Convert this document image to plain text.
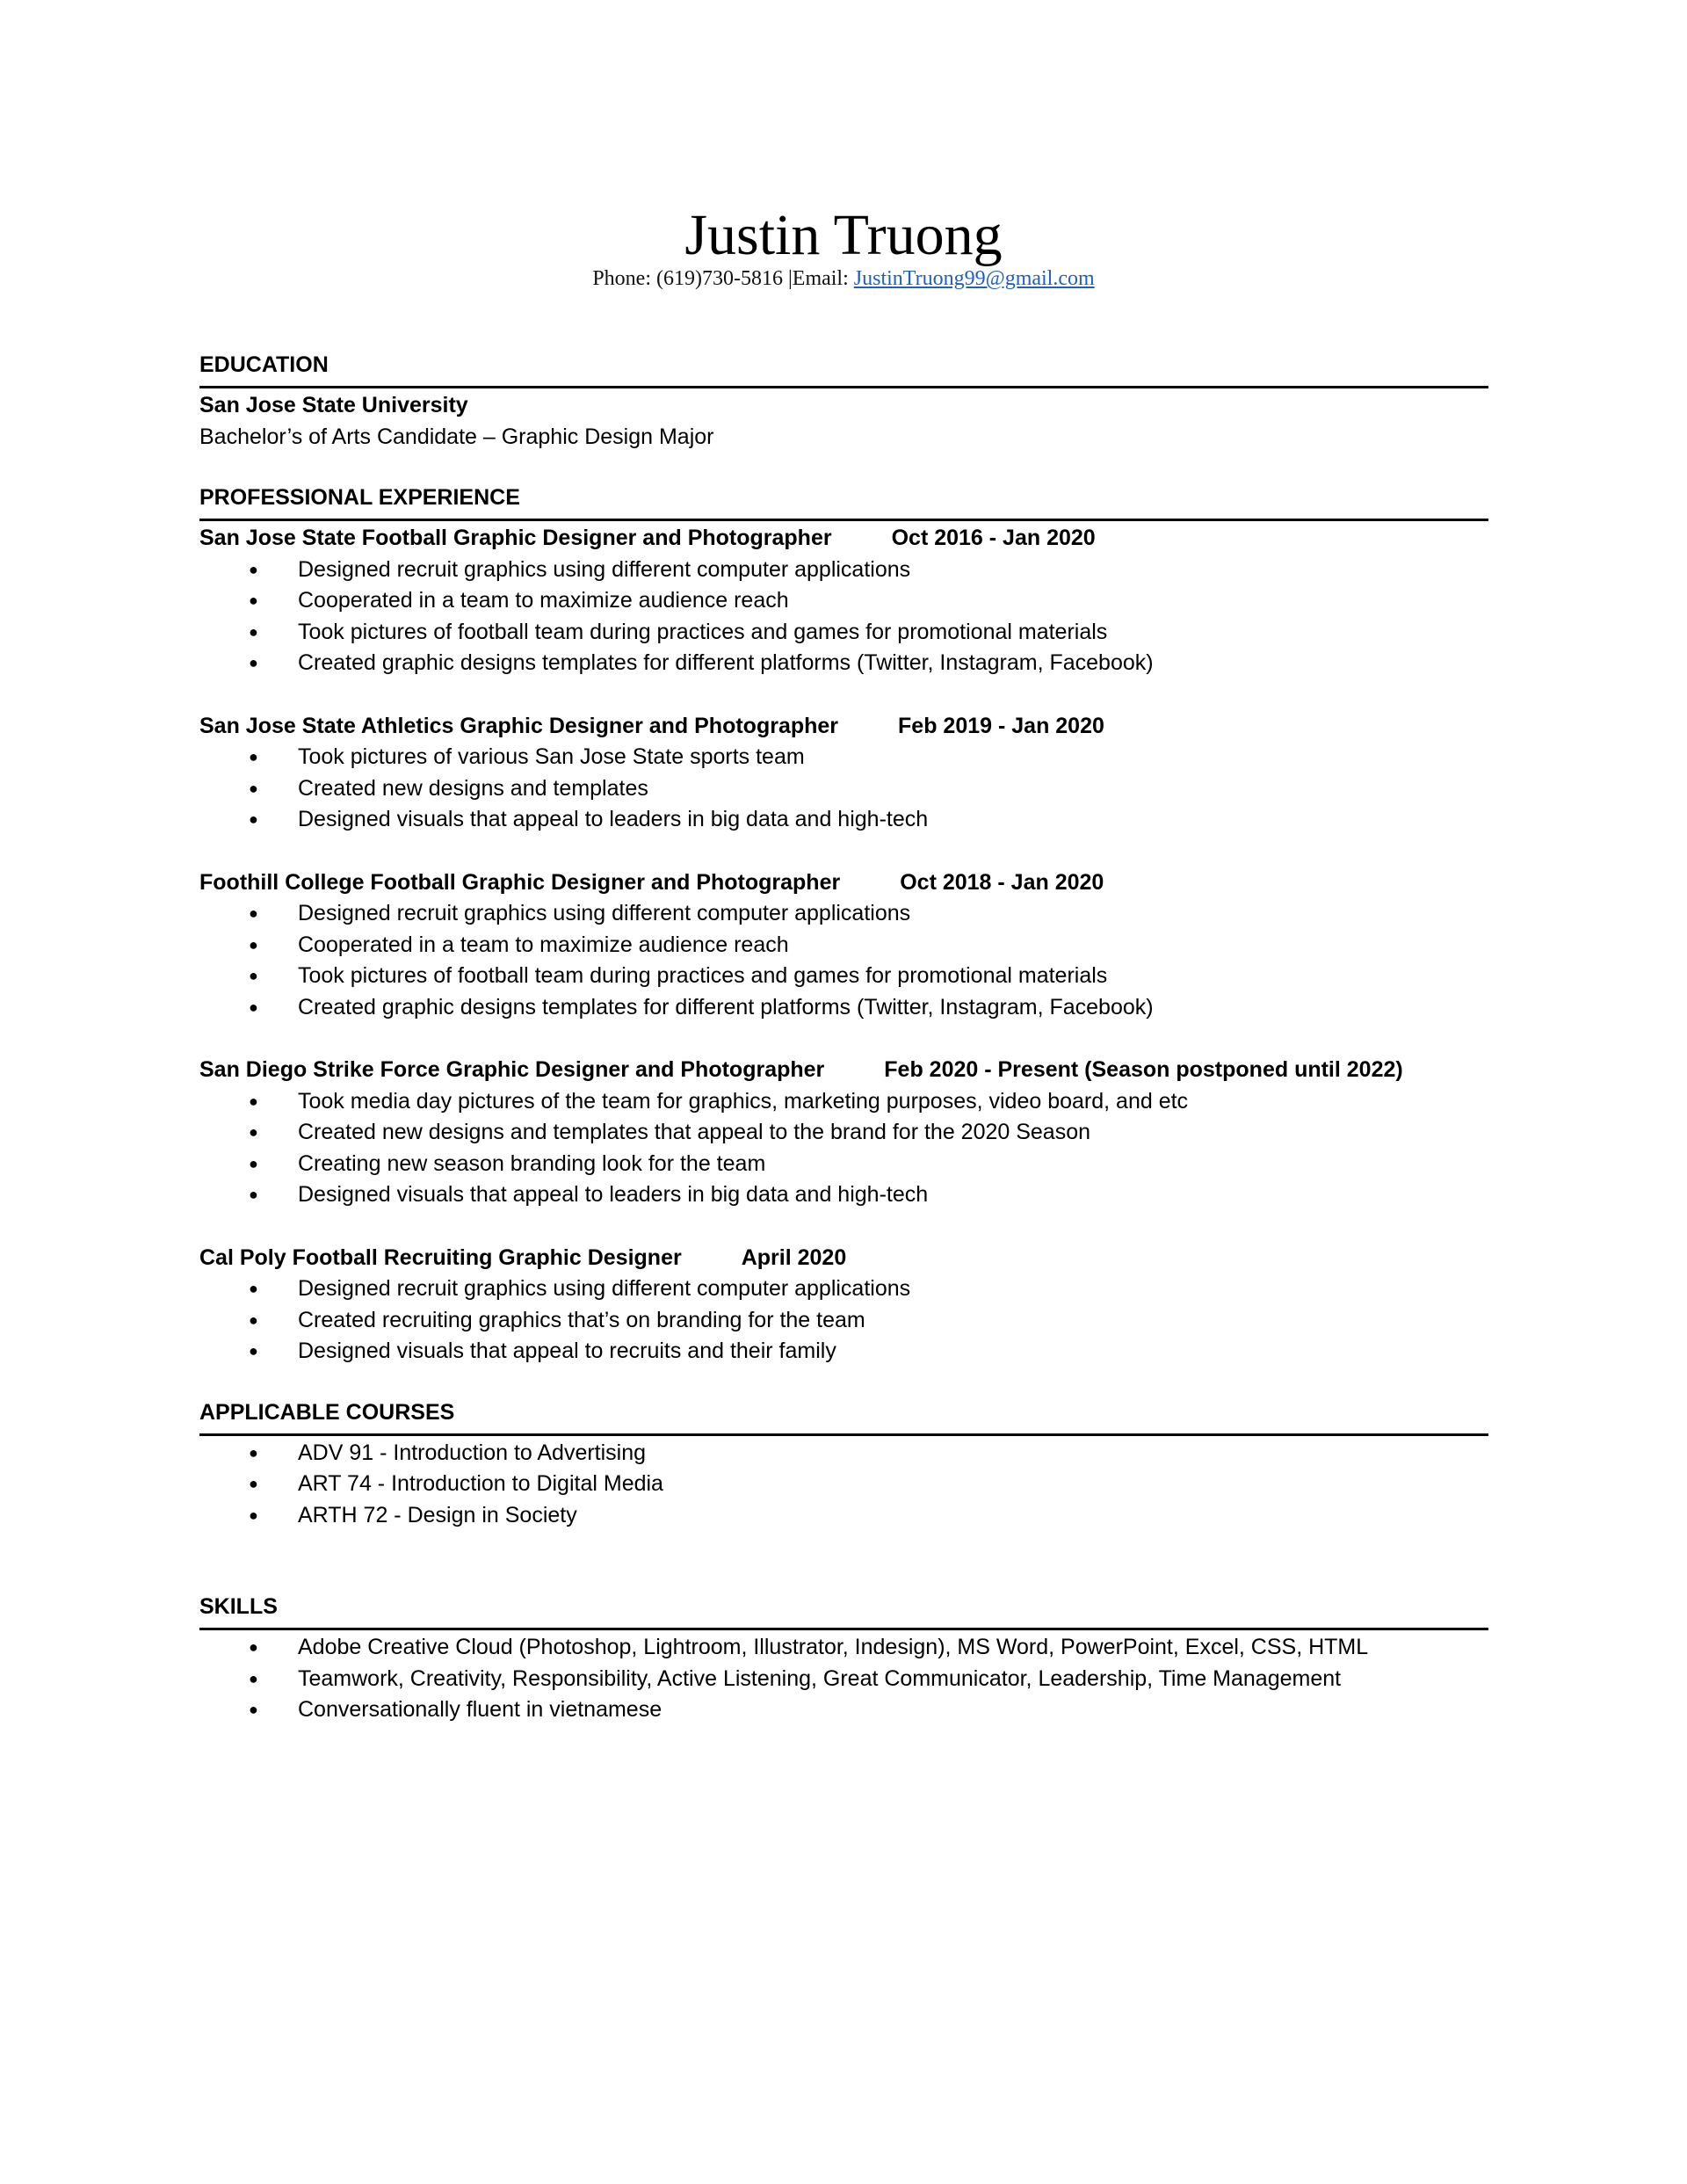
Justin Truong
Phone: (619)730-5816 |Email: JustinTruong99@gmail.com
EDUCATION
San Jose State University
Bachelor’s of Arts Candidate – Graphic Design Major
PROFESSIONAL EXPERIENCE
San Jose State Football Graphic Designer and Photographer	Oct 2016 - Jan 2020
● Designed recruit graphics using different computer applications
● Cooperated in a team to maximize audience reach
● Took pictures of football team during practices and games for promotional materials
● Created graphic designs templates for different platforms (Twitter, Instagram, Facebook)
San Jose State Athletics Graphic Designer and Photographer	Feb 2019 - Jan 2020
● Took pictures of various San Jose State sports team
● Created new designs and templates
● Designed visuals that appeal to leaders in big data and high-tech
Foothill College Football Graphic Designer and Photographer	Oct 2018 - Jan 2020
● Designed recruit graphics using different computer applications
● Cooperated in a team to maximize audience reach
● Took pictures of football team during practices and games for promotional materials
● Created graphic designs templates for different platforms (Twitter, Instagram, Facebook)
San Diego Strike Force Graphic Designer and Photographer	Feb 2020 - Present (Season postponed until 2022)
● Took media day pictures of the team for graphics, marketing purposes, video board, and etc
● Created new designs and templates that appeal to the brand for the 2020 Season
● Creating new season branding look for the team
● Designed visuals that appeal to leaders in big data and high-tech
Cal Poly Football Recruiting Graphic Designer	April 2020
● Designed recruit graphics using different computer applications
● Created recruiting graphics that’s on branding for the team
● Designed visuals that appeal to recruits and their family
APPLICABLE COURSES
● ADV 91 - Introduction to Advertising
● ART 74 - Introduction to Digital Media
● ARTH 72 - Design in Society
SKILLS
● Adobe Creative Cloud (Photoshop, Lightroom, Illustrator, Indesign), MS Word, PowerPoint, Excel, CSS, HTML
● Teamwork, Creativity, Responsibility, Active Listening, Great Communicator, Leadership, Time Management
● Conversationally fluent in vietnamese
